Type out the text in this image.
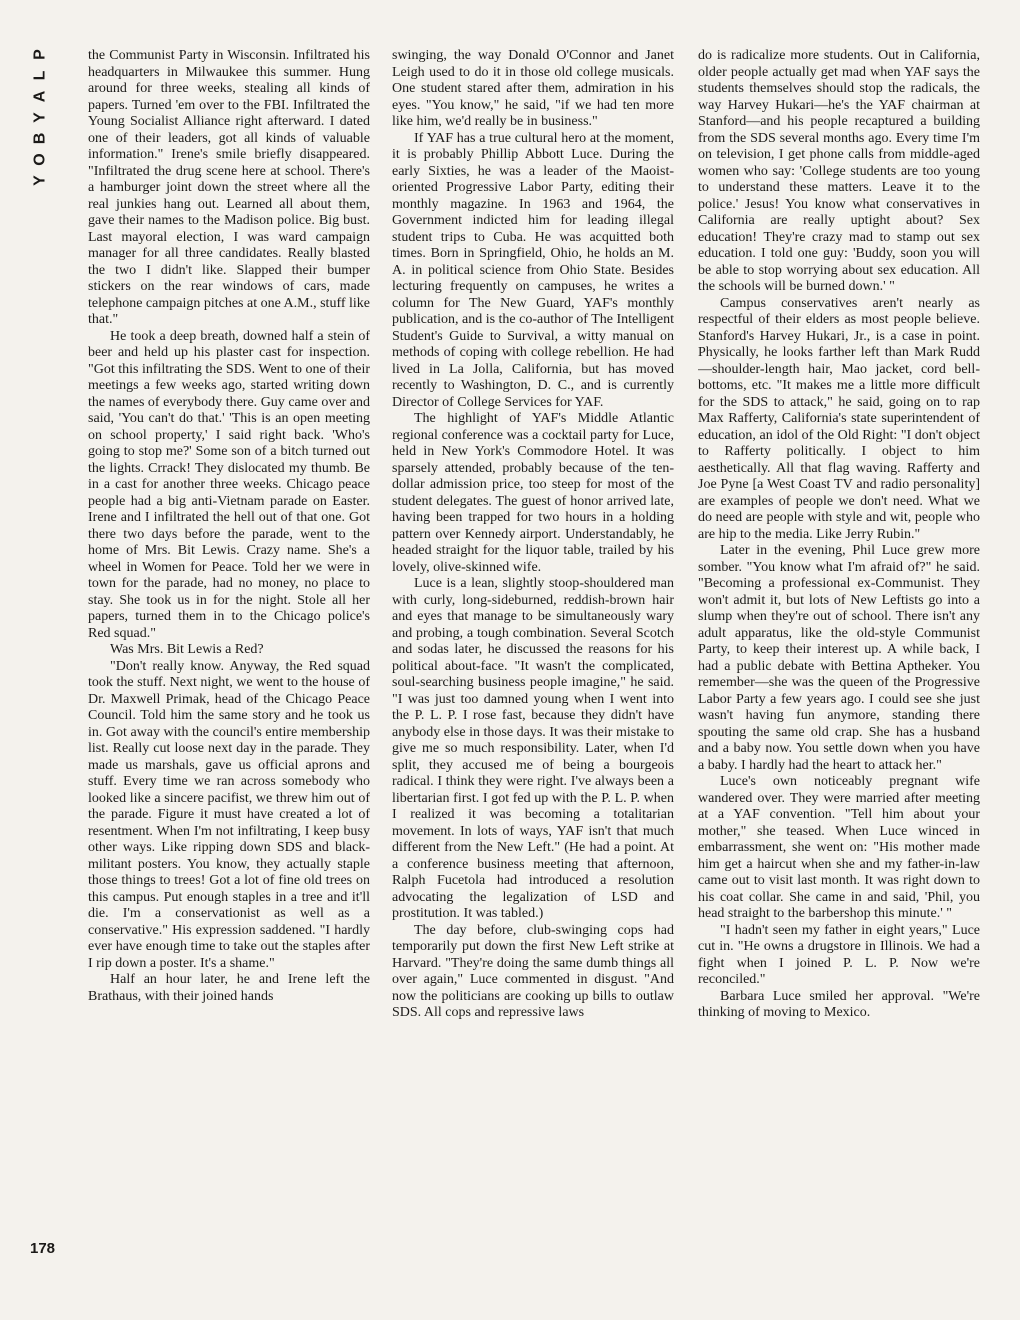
P
L
A
Y
B
O
Y
178

the Communist Party in Wisconsin. Infiltrated his headquarters in Milwaukee this summer. Hung around for three weeks, stealing all kinds of papers. Turned 'em over to the FBI. Infiltrated the Young Socialist Alliance right afterward. I dated one of their leaders, got all kinds of valuable information." Irene's smile briefly disappeared. "Infiltrated the drug scene here at school. There's a hamburger joint down the street where all the real junkies hang out. Learned all about them, gave their names to the Madison police. Big bust. Last mayoral election, I was ward campaign manager for all three candidates. Really blasted the two I didn't like. Slapped their bumper stickers on the rear windows of cars, made telephone campaign pitches at one A.M., stuff like that."

He took a deep breath, downed half a stein of beer and held up his plaster cast for inspection. "Got this infiltrating the SDS. Went to one of their meetings a few weeks ago, started writing down the names of everybody there. Guy came over and said, 'You can't do that.' 'This is an open meeting on school property,' I said right back. 'Who's going to stop me?' Some son of a bitch turned out the lights. Crrack! They dislocated my thumb. Be in a cast for another three weeks. Chicago peace people had a big anti-Vietnam parade on Easter. Irene and I infiltrated the hell out of that one. Got there two days before the parade, went to the home of Mrs. Bit Lewis. Crazy name. She's a wheel in Women for Peace. Told her we were in town for the parade, had no money, no place to stay. She took us in for the night. Stole all her papers, turned them in to the Chicago police's Red squad."

Was Mrs. Bit Lewis a Red?

"Don't really know. Anyway, the Red squad took the stuff. Next night, we went to the house of Dr. Maxwell Primak, head of the Chicago Peace Council. Told him the same story and he took us in. Got away with the council's entire membership list. Really cut loose next day in the parade. They made us marshals, gave us official aprons and stuff. Every time we ran across somebody who looked like a sincere pacifist, we threw him out of the parade. Figure it must have created a lot of resentment. When I'm not infiltrating, I keep busy other ways. Like ripping down SDS and black-militant posters. You know, they actually staple those things to trees! Got a lot of fine old trees on this campus. Put enough staples in a tree and it'll die. I'm a conservationist as well as a conservative." His expression saddened. "I hardly ever have enough time to take out the staples after I rip down a poster. It's a shame."

Half an hour later, he and Irene left the Brathaus, with their joined hands

swinging, the way Donald O'Connor and Janet Leigh used to do it in those old college musicals. One student stared after them, admiration in his eyes. "You know," he said, "if we had ten more like him, we'd really be in business."

If YAF has a true cultural hero at the moment, it is probably Phillip Abbott Luce. During the early Sixties, he was a leader of the Maoist-oriented Progressive Labor Party, editing their monthly magazine. In 1963 and 1964, the Government indicted him for leading illegal student trips to Cuba. He was acquitted both times. Born in Springfield, Ohio, he holds an M. A. in political science from Ohio State. Besides lecturing frequently on campuses, he writes a column for The New Guard, YAF's monthly publication, and is the co-author of The Intelligent Student's Guide to Survival, a witty manual on methods of coping with college rebellion. He had lived in La Jolla, California, but has moved recently to Washington, D. C., and is currently Director of College Services for YAF.

The highlight of YAF's Middle Atlantic regional conference was a cocktail party for Luce, held in New York's Commodore Hotel. It was sparsely attended, probably because of the ten-dollar admission price, too steep for most of the student delegates. The guest of honor arrived late, having been trapped for two hours in a holding pattern over Kennedy airport. Understandably, he headed straight for the liquor table, trailed by his lovely, olive-skinned wife.

Luce is a lean, slightly stoop-shouldered man with curly, long-sideburned, reddish-brown hair and eyes that manage to be simultaneously wary and probing, a tough combination. Several Scotch and sodas later, he discussed the reasons for his political about-face. "It wasn't the complicated, soul-searching business people imagine," he said. "I was just too damned young when I went into the P. L. P. I rose fast, because they didn't have anybody else in those days. It was their mistake to give me so much responsibility. Later, when I'd split, they accused me of being a bourgeois radical. I think they were right. I've always been a libertarian first. I got fed up with the P. L. P. when I realized it was becoming a totalitarian movement. In lots of ways, YAF isn't that much different from the New Left." (He had a point. At a conference business meeting that afternoon, Ralph Fucetola had introduced a resolution advocating the legalization of LSD and prostitution. It was tabled.)

The day before, club-swinging cops had temporarily put down the first New Left strike at Harvard. "They're doing the same dumb things all over again," Luce commented in disgust. "And now the politicians are cooking up bills to outlaw SDS. All cops and repressive laws

do is radicalize more students. Out in California, older people actually get mad when YAF says the students themselves should stop the radicals, the way Harvey Hukari—he's the YAF chairman at Stanford—and his people recaptured a building from the SDS several months ago. Every time I'm on television, I get phone calls from middle-aged women who say: 'College students are too young to understand these matters. Leave it to the police.' Jesus! You know what conservatives in California are really uptight about? Sex education! They're crazy mad to stamp out sex education. I told one guy: 'Buddy, soon you will be able to stop worrying about sex education. All the schools will be burned down.' "

Campus conservatives aren't nearly as respectful of their elders as most people believe. Stanford's Harvey Hukari, Jr., is a case in point. Physically, he looks farther left than Mark Rudd—shoulder-length hair, Mao jacket, cord bell-bottoms, etc. "It makes me a little more difficult for the SDS to attack," he said, going on to rap Max Rafferty, California's state superintendent of education, an idol of the Old Right: "I don't object to Rafferty politically. I object to him aesthetically. All that flag waving. Rafferty and Joe Pyne [a West Coast TV and radio personality] are examples of people we don't need. What we do need are people with style and wit, people who are hip to the media. Like Jerry Rubin."

Later in the evening, Phil Luce grew more somber. "You know what I'm afraid of?" he said. "Becoming a professional ex-Communist. They won't admit it, but lots of New Leftists go into a slump when they're out of school. There isn't any adult apparatus, like the old-style Communist Party, to keep their interest up. A while back, I had a public debate with Bettina Aptheker. You remember—she was the queen of the Progressive Labor Party a few years ago. I could see she just wasn't having fun anymore, standing there spouting the same old crap. She has a husband and a baby now. You settle down when you have a baby. I hardly had the heart to attack her."

Luce's own noticeably pregnant wife wandered over. They were married after meeting at a YAF convention. "Tell him about your mother," she teased. When Luce winced in embarrassment, she went on: "His mother made him get a haircut when she and my father-in-law came out to visit last month. It was right down to his coat collar. She came in and said, 'Phil, you head straight to the barbershop this minute.' "

"I hadn't seen my father in eight years," Luce cut in. "He owns a drugstore in Illinois. We had a fight when I joined P. L. P. Now we're reconciled."

Barbara Luce smiled her approval. "We're thinking of moving to Mexico.
